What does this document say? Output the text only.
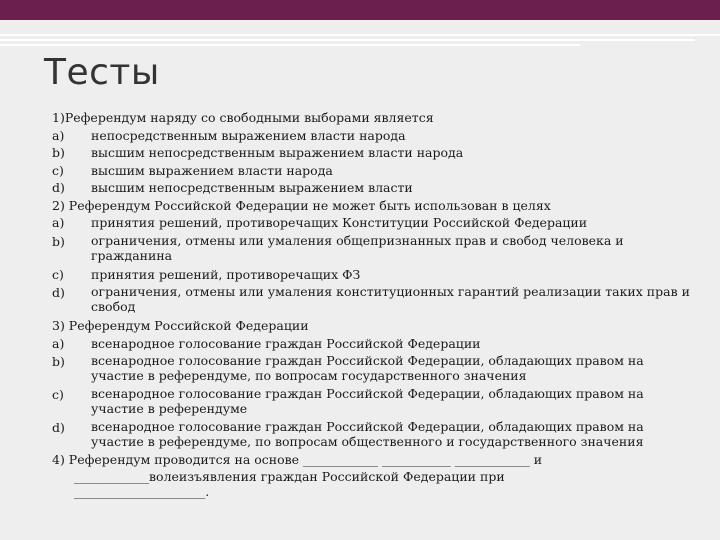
Тесты
1)Референдум наряду со свободными выборами является
a)	непосредственным выражением власти народа
b)	высшим непосредственным выражением власти народа
c)	высшим выражением власти народа
d)	высшим непосредственным выражением власти
2) Референдум Российской Федерации не может быть использован в целях
a)	принятия решений, противоречащих Конституции Российской Федерации
b)	ограничения, отмены или умаления общепризнанных прав и свобод человека и гражданина
c)	принятия решений, противоречащих ФЗ
d)	ограничения, отмены или умаления конституционных гарантий реализации таких прав и свобод
3) Референдум Российской Федерации
a)	всенародное голосование граждан Российской Федерации
b)	всенародное голосование граждан Российской Федерации, обладающих правом на участие в референдуме, по вопросам государственного значения
c)	всенародное голосование граждан Российской Федерации, обладающих правом на участие в референдуме
d)	всенародное голосование граждан Российской Федерации, обладающих правом на участие в референдуме, по вопросам общественного и государственного значения
4) Референдум проводится на основе ____________ ___________ ____________ и
____________волеизъявления граждан Российской Федерации при
_____________________.
